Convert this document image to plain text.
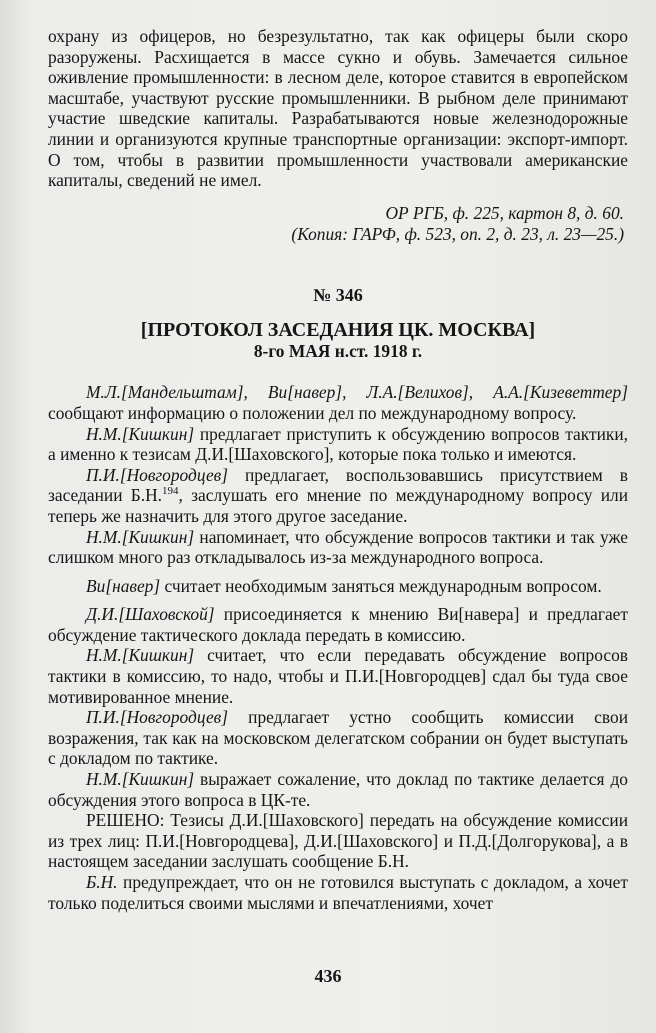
охрану из офицеров, но безрезультатно, так как офицеры были скоро разоружены. Расхищается в массе сукно и обувь. Замечается сильное оживление промышленности: в лесном деле, которое ставится в европейском масштабе, участвуют русские промышленники. В рыбном деле принимают участие шведские капиталы. Разрабатываются новые железнодорожные линии и организуются крупные транспортные организации: экспорт-импорт. О том, чтобы в развитии промышленности участвовали американские капиталы, сведений не имел.

ОР РГБ, ф. 225, картон 8, д. 60.
(Копия: ГАРФ, ф. 523, оп. 2, д. 23, л. 23—25.)
№ 346
[ПРОТОКОЛ ЗАСЕДАНИЯ ЦК. МОСКВА]
8-го МАЯ н.ст. 1918 г.

М.Л.[Мандельштам], Ви[навер], Л.А.[Велихов], А.А.[Кизеветтер] сообщают информацию о положении дел по международному вопросу.

Н.М.[Кишкин] предлагает приступить к обсуждению вопросов тактики, а именно к тезисам Д.И.[Шаховского], которые пока только и имеются.

П.И.[Новгородцев] предлагает, воспользовавшись присутствием в заседании Б.Н.$^{194}$, заслушать его мнение по международному вопросу или теперь же назначить для этого другое заседание.

Н.М.[Кишкин] напоминает, что обсуждение вопросов тактики и так уже слишком много раз откладывалось из-за международного вопроса.

Ви[навер] считает необходимым заняться международным вопросом.

Д.И.[Шаховской] присоединяется к мнению Ви[навера] и предлагает обсуждение тактического доклада передать в комиссию.

Н.М.[Кишкин] считает, что если передавать обсуждение вопросов тактики в комиссию, то надо, чтобы и П.И.[Новгородцев] сдал бы туда свое мотивированное мнение.

П.И.[Новгородцев] предлагает устно сообщить комиссии свои возражения, так как на московском делегатском собрании он будет выступать с докладом по тактике.

Н.М.[Кишкин] выражает сожаление, что доклад по тактике делается до обсуждения этого вопроса в ЦК-те.

РЕШЕНО: Тезисы Д.И.[Шаховского] передать на обсуждение комиссии из трех лиц: П.И.[Новгородцева], Д.И.[Шаховского] и П.Д.[Долгорукова], а в настоящем заседании заслушать сообщение Б.Н.

Б.Н. предупреждает, что он не готовился выступать с докладом, а хочет только поделиться своими мыслями и впечатлениями, хочет

436
